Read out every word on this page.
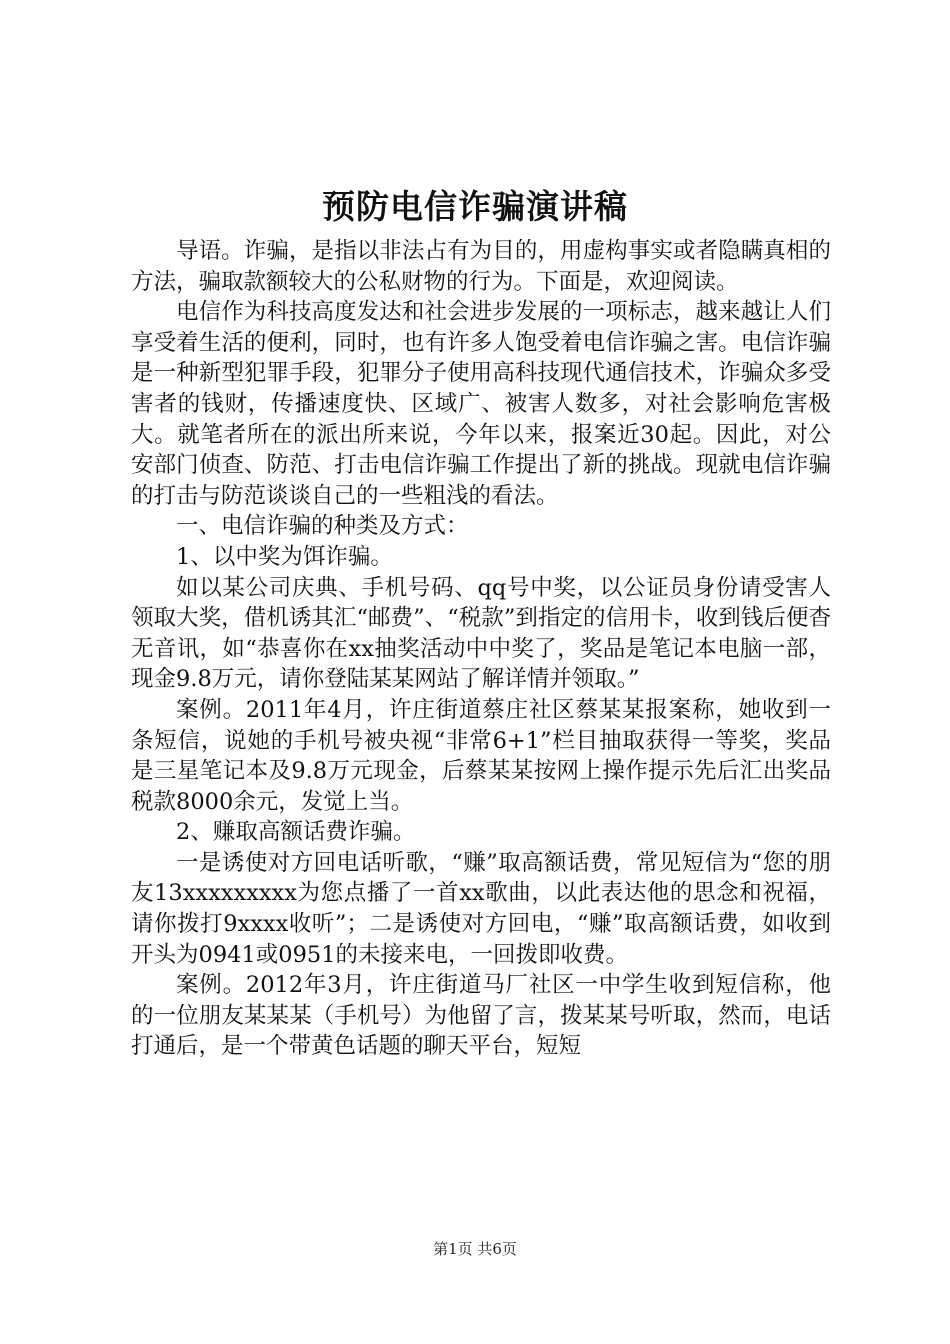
预防电信诈骗演讲稿

导语。诈骗，是指以非法占有为目的，用虚构事实或者隐瞒真相的方法，骗取款额较大的公私财物的行为。下面是，欢迎阅读。

电信作为科技高度发达和社会进步发展的一项标志，越来越让人们享受着生活的便利，同时，也有许多人饱受着电信诈骗之害。电信诈骗是一种新型犯罪手段，犯罪分子使用高科技现代通信技术，诈骗众多受害者的钱财，传播速度快、区域广、被害人数多，对社会影响危害极大。就笔者所在的派出所来说，今年以来，报案近30起。因此，对公安部门侦查、防范、打击电信诈骗工作提出了新的挑战。现就电信诈骗的打击与防范谈谈自己的一些粗浅的看法。

一、电信诈骗的种类及方式：

1、以中奖为饵诈骗。

如以某公司庆典、手机号码、qq号中奖，以公证员身份请受害人领取大奖，借机诱其汇“邮费”、“税款”到指定的信用卡，收到钱后便杳无音讯，如“恭喜你在xx抽奖活动中中奖了，奖品是笔记本电脑一部，现金9.8万元，请你登陆某某网站了解详情并领取。”

案例。2011年4月，许庄街道蔡庄社区蔡某某报案称，她收到一条短信，说她的手机号被央视“非常6+1”栏目抽取获得一等奖，奖品是三星笔记本及9.8万元现金，后蔡某某按网上操作提示先后汇出奖品税款8000余元，发觉上当。

2、赚取高额话费诈骗。

一是诱使对方回电话听歌，“赚”取高额话费，常见短信为“您的朋友13xxxxxxxxx为您点播了一首xx歌曲，以此表达他的思念和祝福，请你拨打9xxxx收听”；二是诱使对方回电，“赚”取高额话费，如收到开头为0941或0951的未接来电，一回拨即收费。

案例。2012年3月，许庄街道马厂社区一中学生收到短信称，他的一位朋友某某某（手机号）为他留了言，拨某某号听取，然而，电话打通后，是一个带黄色话题的聊天平台，短短

第1页 共6页
